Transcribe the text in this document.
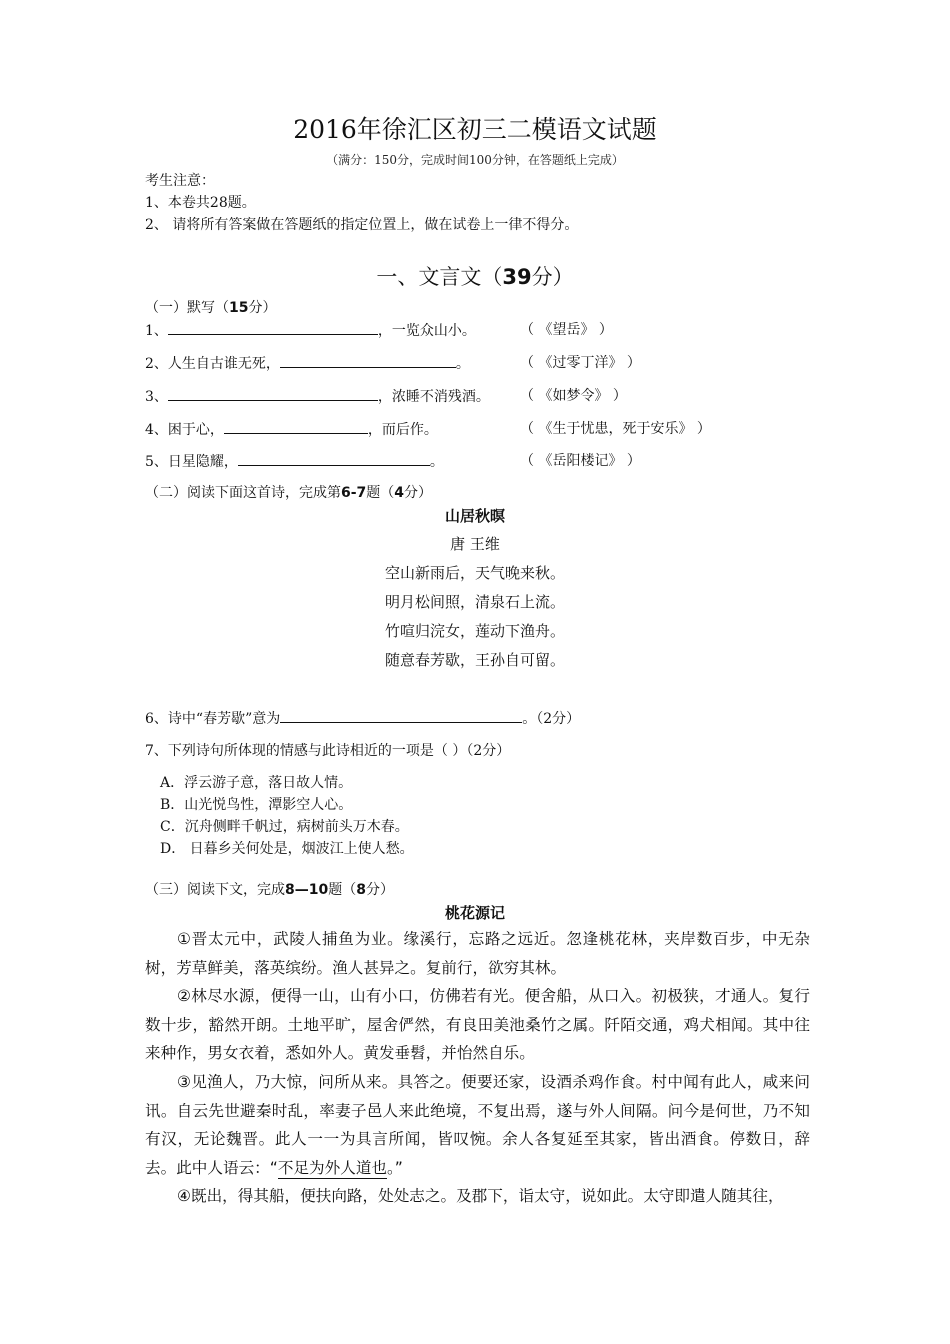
2016年徐汇区初三二模语文试题
（满分：150分，完成时间100分钟，在答题纸上完成）
考生注意：
1、本卷共28题。
2、 请将所有答案做在答题纸的指定位置上，做在试卷上一律不得分。
一、文言文（39分）
（一）默写（15分）
1、	，一览众山小。	（ 《望岳》 ）
2、人生自古谁无死，	。	（ 《过零丁洋》 ）
3、	，浓睡不消残酒。 （ 《如梦令》 ）
4、困于心，	，而后作。	（ 《生于忧患，死于安乐》 ）
5、日星隐耀，	。	（ 《岳阳楼记》 ）
（二）阅读下面这首诗，完成第6-7题（4分）
山居秋暝
唐 王维
空山新雨后，天气晚来秋。
明月松间照，清泉石上流。
竹喧归浣女，莲动下渔舟。
随意春芳歇，王孙自可留。
6、诗中“春芳歇”意为	。（2分）
7、下列诗句所体现的情感与此诗相近的一项是（ ）（2分）
A．浮云游子意，落日故人情。
B．山光悦鸟性，潭影空人心。
C．沉舟侧畔千帆过，病树前头万木春。
D． 日暮乡关何处是，烟波江上使人愁。
（三）阅读下文，完成8—10题（8分）
桃花源记

①晋太元中，武陵人捕鱼为业。缘溪行，忘路之远近。忽逢桃花林，夹岸数百步，中无杂树，芳草鲜美，落英缤纷。渔人甚异之。复前行，欲穷其林。

②林尽水源，便得一山，山有小口，仿佛若有光。便舍船，从口入。初极狭，才通人。复行数十步，豁然开朗。土地平旷，屋舍俨然，有良田美池桑竹之属。阡陌交通，鸡犬相闻。其中往来种作，男女衣着，悉如外人。黄发垂髫，并怡然自乐。

③见渔人，乃大惊，问所从来。具答之。便要还家，设酒杀鸡作食。村中闻有此人，咸来问讯。自云先世避秦时乱，率妻子邑人来此绝境，不复出焉，遂与外人间隔。问今是何世，乃不知有汉，无论魏晋。此人一一为具言所闻，皆叹惋。余人各复延至其家，皆出酒食。停数日，辞去。此中人语云：“不足为外人道也。”

④既出，得其船，便扶向路，处处志之。及郡下，诣太守，说如此。太守即遣人随其往，
